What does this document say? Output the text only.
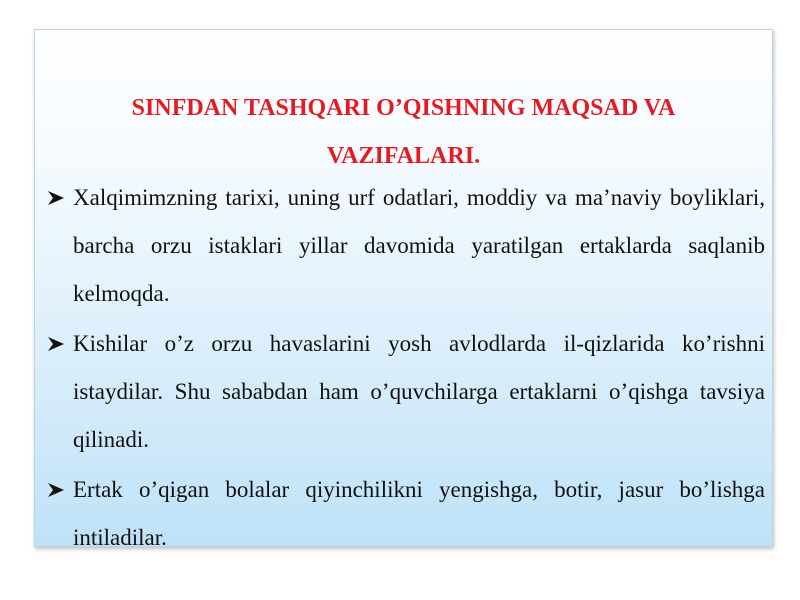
SINFDAN TASHQARI O’QISHNING MAQSAD VA
VAZIFALARI.
Xalqimimzning tarixi, uning urf odatlari, moddiy va ma’naviy boyliklari, barcha orzu istaklari yillar davomida yaratilgan ertaklarda saqlanib kelmoqda.
Kishilar o’z orzu havaslarini yosh avlodlarda il-qizlarida ko’rishni istaydilar. Shu sababdan ham o’quvchilarga ertaklarni o’qishga tavsiya qilinadi.
Ertak o’qigan bolalar qiyinchilikni yengishga, botir, jasur bo’lishga intiladilar.
